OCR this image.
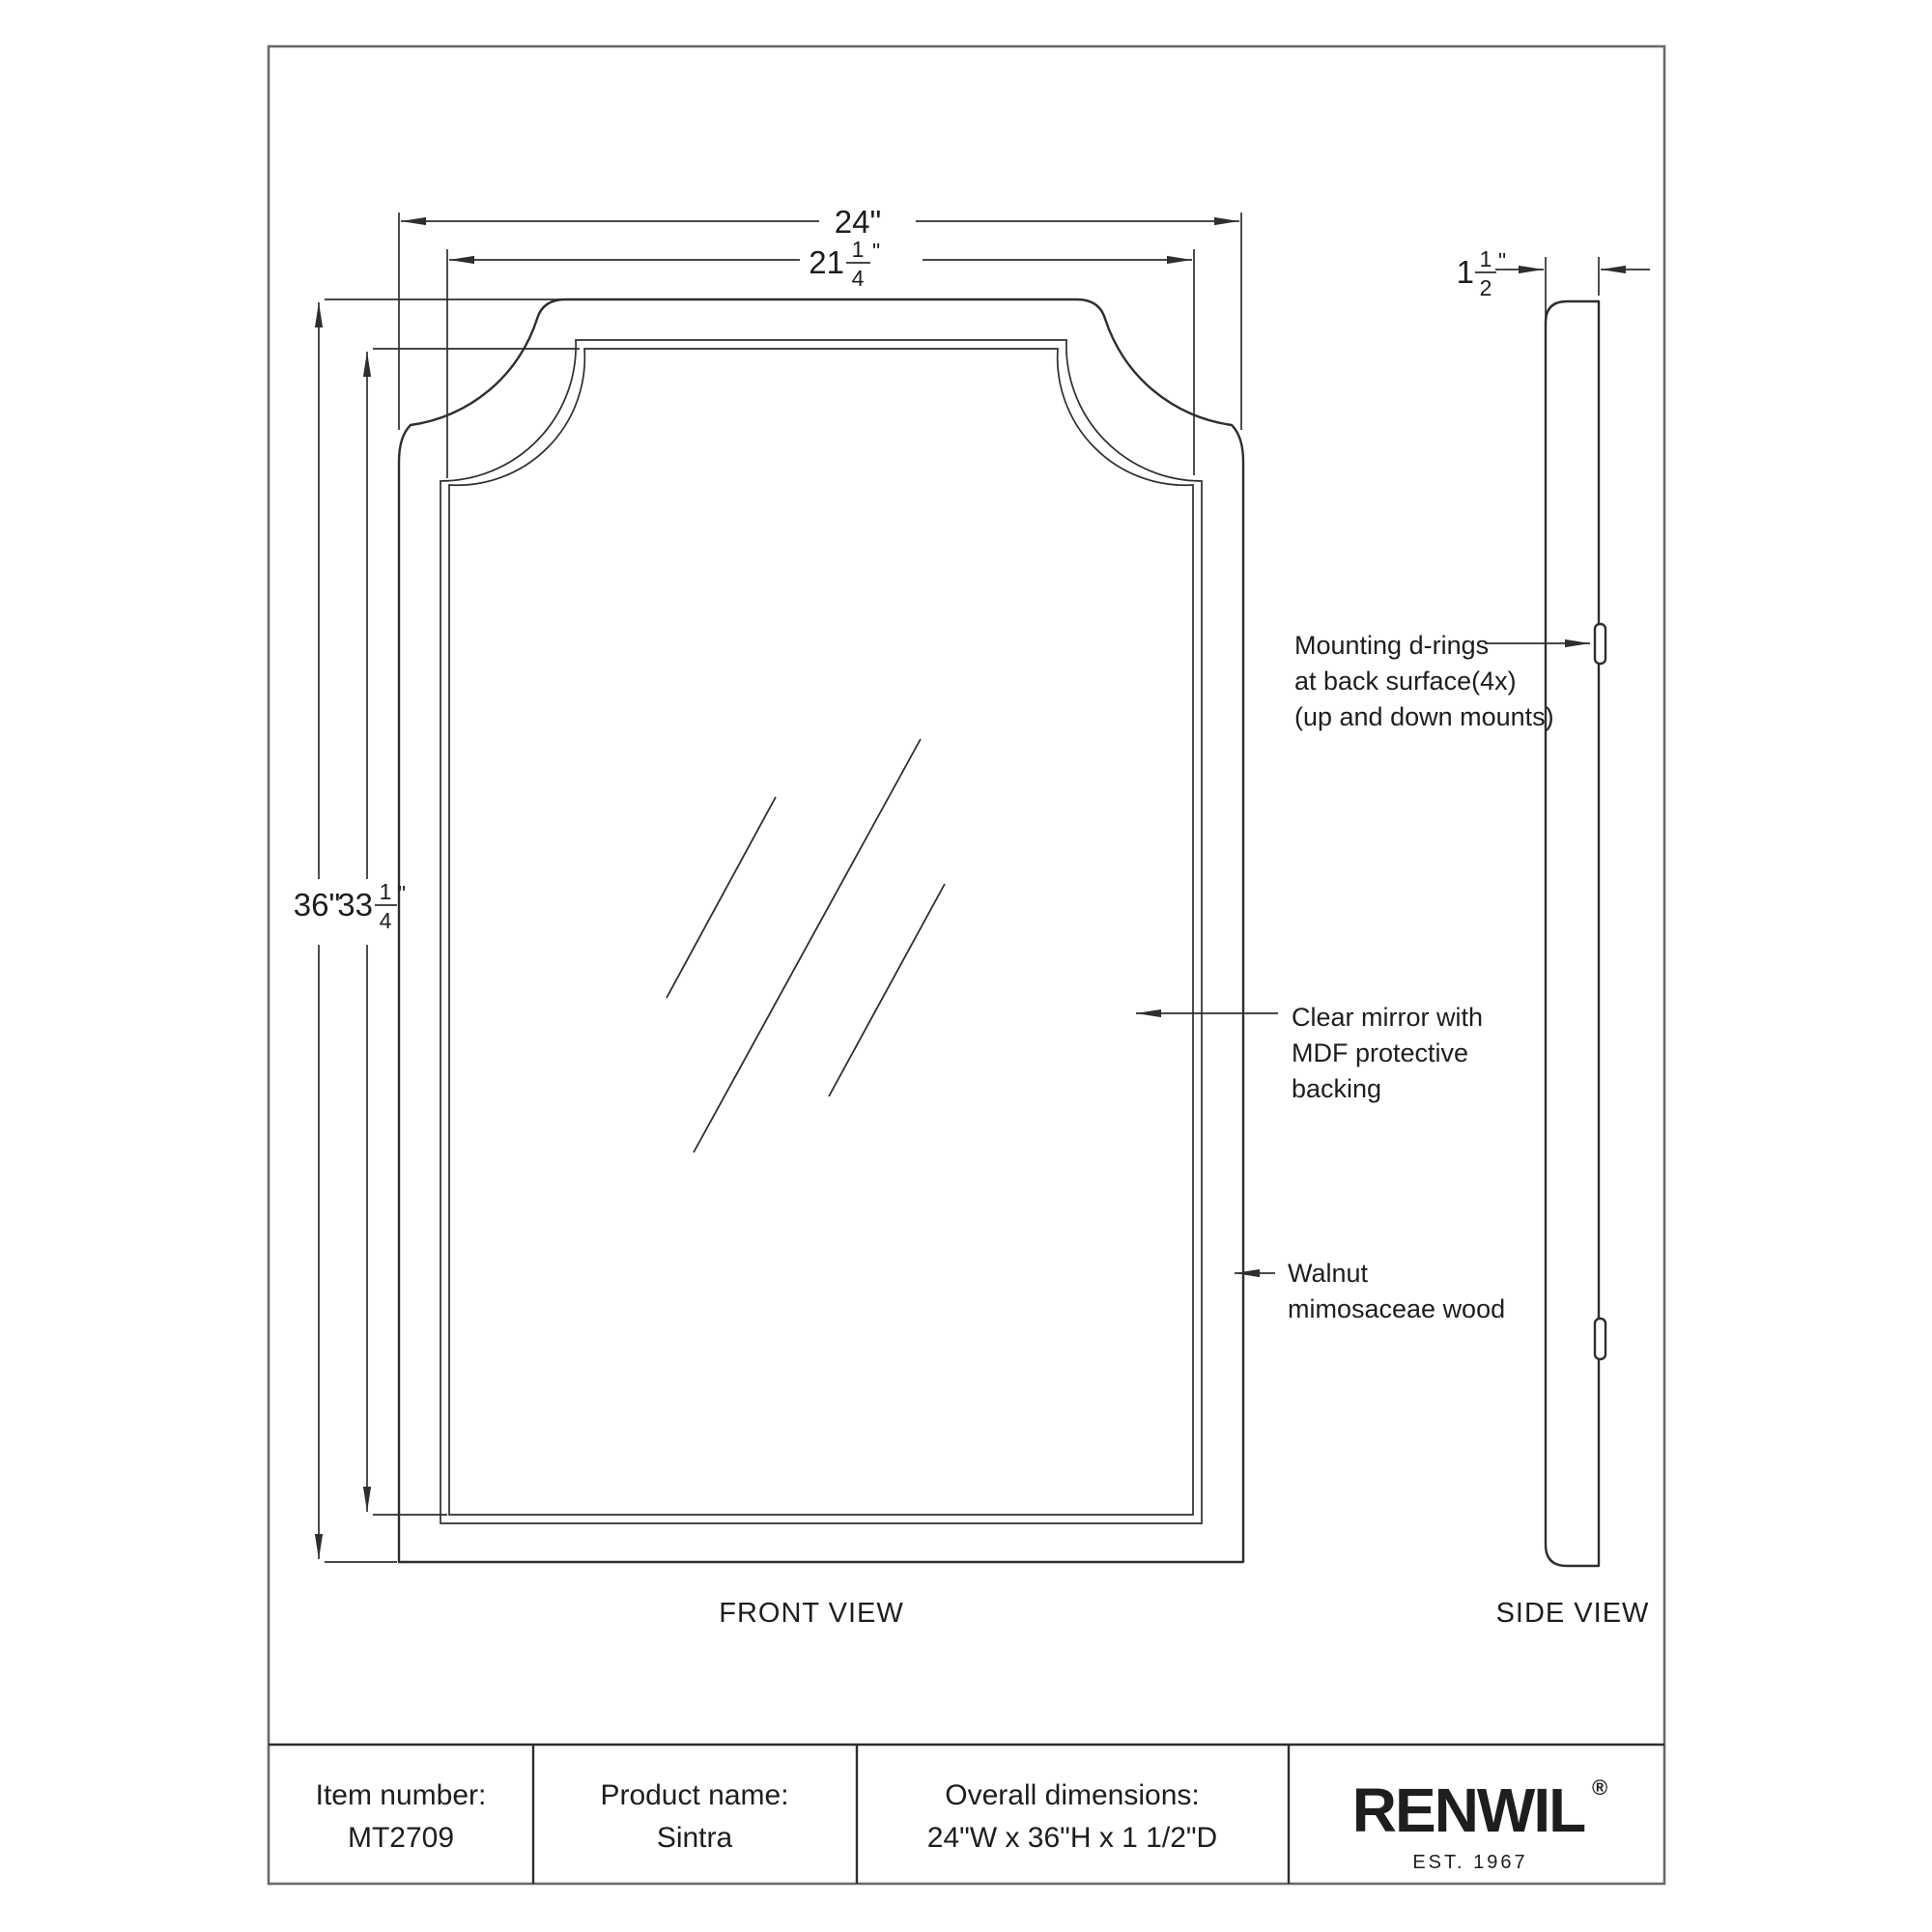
24"
21 1
4
"
36"
33 1
4
"
1 1
2
"
Mounting d-rings
at back surface(4x)
(up and down mounts)
Clear mirror with
MDF protective
backing
Walnut
mimosaceae wood
FRONT VIEW	SIDE VIEW
Item number:
MT2709
Product name:
Sintra
Overall dimensions:
24"W x 36"H x 1 1/2"D RENWIL ®
EST. 1967
